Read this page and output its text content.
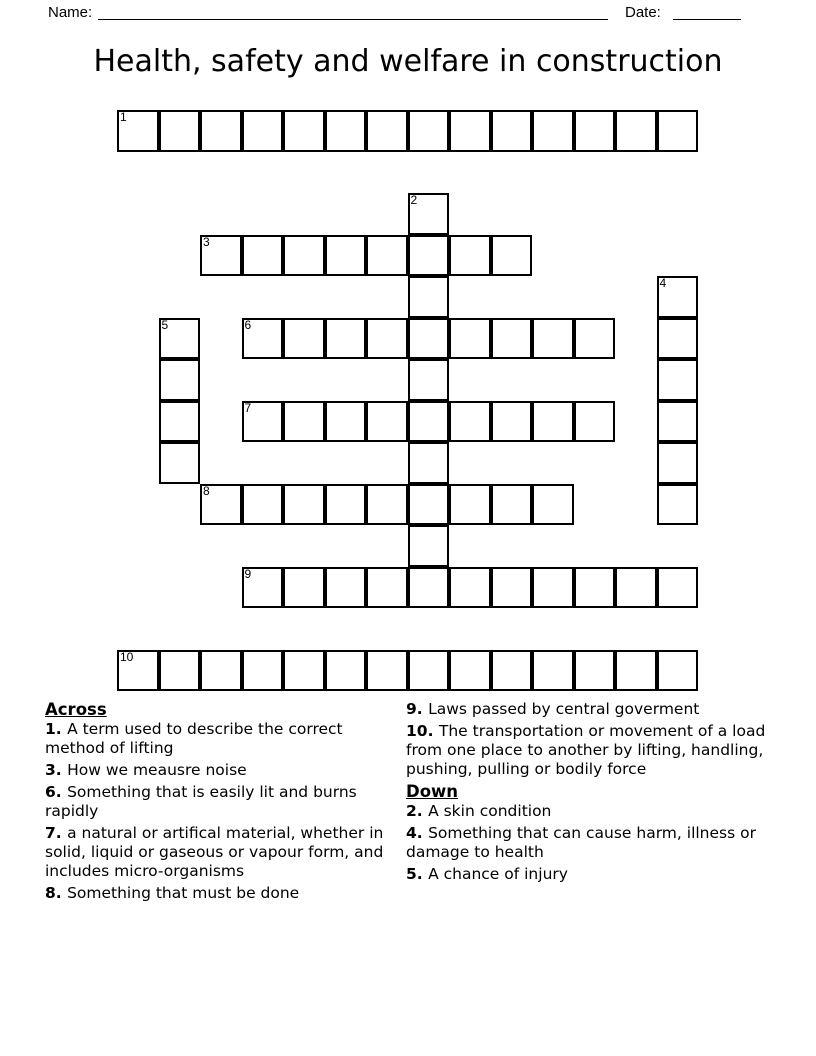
Name:	Date:
Health, safety and welfare in construction
1
2
3
4
5	6
7
8
9
10
Across
1. A term used to describe the correct method of lifting
3. How we meausre noise
6. Something that is easily lit and burns rapidly
7. a natural or artifical material, whether in solid, liquid or gaseous or vapour form, and includes micro-organisms
8. Something that must be done
9. Laws passed by central goverment
10. The transportation or movement of a load from one place to another by lifting, handling, pushing, pulling or bodily force
Down
2. A skin condition
4. Something that can cause harm, illness or damage to health
5. A chance of injury
